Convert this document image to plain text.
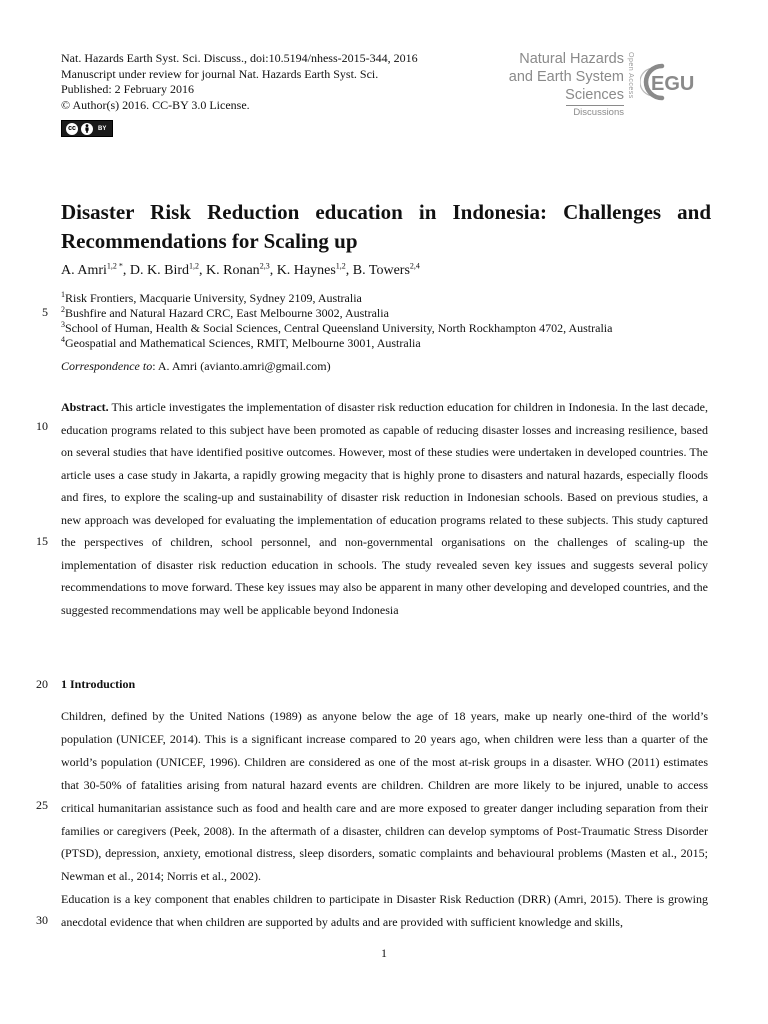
Nat. Hazards Earth Syst. Sci. Discuss., doi:10.5194/nhess-2015-344, 2016
Manuscript under review for journal Nat. Hazards Earth Syst. Sci.
Published: 2 February 2016
© Author(s) 2016. CC-BY 3.0 License.
cc	BY
Natural Hazards
and Earth System
Sciences
Discussions
Open Access EGU
Disaster Risk Reduction education in Indonesia: Challenges and Recommendations for Scaling up
A. Amri$^{1,2 *}$, D. K. Bird$^{1,2}$, K. Ronan$^{2,3}$, K. Haynes$^{1,2}$, B. Towers$^{2,4}$
$^1$Risk Frontiers, Macquarie University, Sydney 2109, Australia
$^2$Bushfire and Natural Hazard CRC, East Melbourne 3002, Australia
$^3$School of Human, Health & Social Sciences, Central Queensland University, North Rockhampton 4702, Australia
$^4$Geospatial and Mathematical Sciences, RMIT, Melbourne 3001, Australia
Correspondence to: A. Amri (avianto.amri@gmail.com)
Abstract. This article investigates the implementation of disaster risk reduction education for children in Indonesia. In the last decade, education programs related to this subject have been promoted as capable of reducing disaster losses and increasing resilience, based on several studies that have identified positive outcomes. However, most of these studies were undertaken in developed countries. The article uses a case study in Jakarta, a rapidly growing megacity that is highly prone to disasters and natural hazards, especially floods and fires, to explore the scaling-up and sustainability of disaster risk reduction in Indonesian schools. Based on previous studies, a new approach was developed for evaluating the implementation of education programs related to these subjects. This study captured the perspectives of children, school personnel, and non-governmental organisations on the challenges of scaling-up the implementation of disaster risk reduction education in schools. The study revealed seven key issues and suggests several policy recommendations to move forward. These key issues may also be apparent in many other developing and developed countries, and the suggested recommendations may well be applicable beyond Indonesia
1 Introduction

Children, defined by the United Nations (1989) as anyone below the age of 18 years, make up nearly one-third of the world’s population (UNICEF, 2014). This is a significant increase compared to 20 years ago, when children were less than a quarter of the world’s population (UNICEF, 1996). Children are considered as one of the most at-risk groups in a disaster. WHO (2011) estimates that 30-50% of fatalities arising from natural hazard events are children. Children are more likely to be injured, unable to access critical humanitarian assistance such as food and health care and are more exposed to greater danger including separation from their families or caregivers (Peek, 2008). In the aftermath of a disaster, children can develop symptoms of Post-Traumatic Stress Disorder (PTSD), depression, anxiety, emotional distress, sleep disorders, somatic complaints and behavioural problems (Masten et al., 2015; Newman et al., 2014; Norris et al., 2002).

Education is a key component that enables children to participate in Disaster Risk Reduction (DRR) (Amri, 2015). There is growing anecdotal evidence that when children are supported by adults and are provided with sufficient knowledge and skills,

5
10
15
20
25
30
1
